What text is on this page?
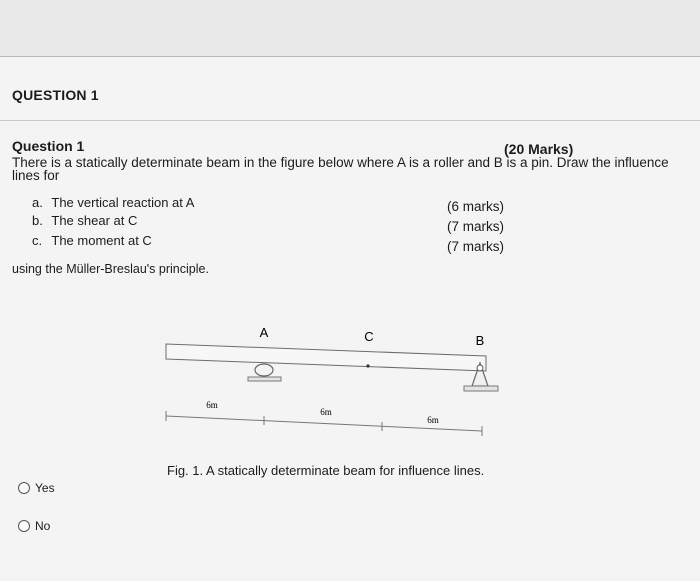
QUESTION 1
Question 1	(20 Marks)
There is a statically determinate beam in the figure below where A is a roller and B is a pin. Draw the influence lines for
a. The vertical reaction at A
b. The shear at C
c. The moment at C
(6 marks)
(7 marks)
(7 marks)
using the Müller-Breslau's principle.
A	C	B
6m
6m
6m
Fig. 1. A statically determinate beam for influence lines.
Yes
No
